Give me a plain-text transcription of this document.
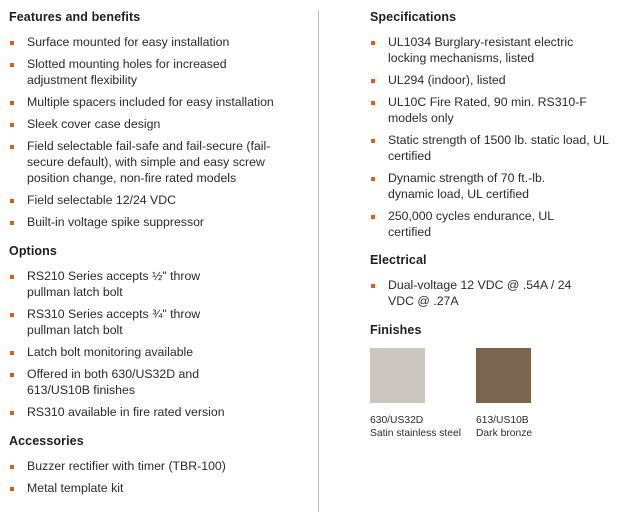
Features and benefits
Surface mounted for easy installation
Slotted mounting holes for increased adjustment flexibility
Multiple spacers included for easy installation
Sleek cover case design
Field selectable fail-safe and fail-secure (fail-secure default), with simple and easy screw position change, non-fire rated models
Field selectable 12/24 VDC
Built-in voltage spike suppressor
Options
RS210 Series accepts ½" throw pullman latch bolt
RS310 Series accepts ¾" throw pullman latch bolt
Latch bolt monitoring available
Offered in both 630/US32D and 613/US10B finishes
RS310 available in fire rated version
Accessories
Buzzer rectifier with timer (TBR-100)
Metal template kit
Specifications
UL1034 Burglary-resistant electric locking mechanisms, listed
UL294 (indoor), listed
UL10C Fire Rated, 90 min. RS310-F models only
Static strength of 1500 lb. static load, UL certified
Dynamic strength of 70 ft.-lb. dynamic load, UL certified
250,000 cycles endurance, UL certified
Electrical
Dual-voltage 12 VDC @ .54A / 24 VDC @ .27A
Finishes
630/US32D
Satin stainless steel
613/US10B
Dark bronze
